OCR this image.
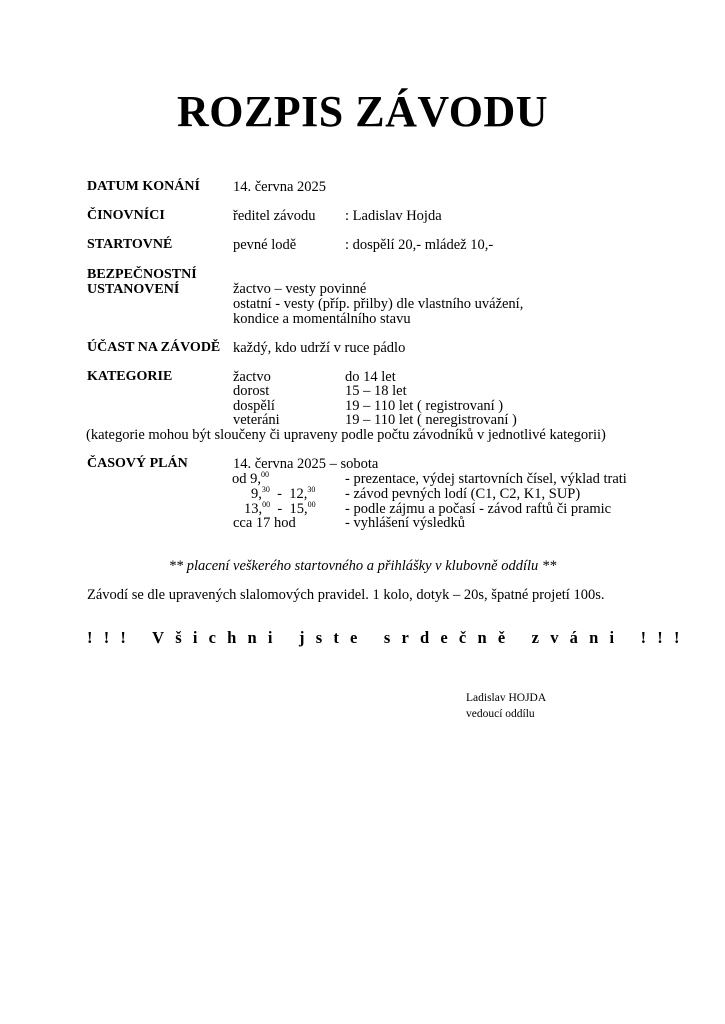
ROZPIS ZÁVODU
DATUM KONÁNÍ 14. června 2025
ČINOVNÍCI	ředitel závodu : Ladislav Hojda
STARTOVNÉ	pevné lodě	: dospělí 20,- mládež 10,-
BEZPEČNOSTNÍ
USTANOVENÍ	žactvo – vesty povinné
ostatní - vesty (příp. přilby) dle vlastního uvážení,
kondice a momentálního stavu
ÚČAST NA ZÁVODĚ každý, kdo udrží v ruce pádlo
KATEGORIE	žactvo	do 14 let
dorost	15 – 18 let
dospělí	19 – 110 let ( registrovaní )
veteráni	19 – 110 let ( neregistrovaní )
(kategorie mohou být sloučeny či upraveny podle počtu závodníků v jednotlivé kategorii)
ČASOVÝ PLÁN	14. června 2025 – sobota
od 9,00	- prezentace, výdej startovních čísel, výklad trati
9,30  -  12,30 - závod pevných lodí (C1, C2, K1, SUP)
13,00  -  15,00 - podle zájmu a počasí - závod raftů či pramic
cca 17 hod	- vyhlášení výsledků
** placení veškerého startovného a přihlášky v klubovně oddílu **
Závodí se dle upravených slalomových pravidel. 1 kolo, dotyk – 20s, špatné projetí 100s.
!!! Všichni jste srdečně zváni !!!
Ladislav HOJDA
vedoucí oddílu
